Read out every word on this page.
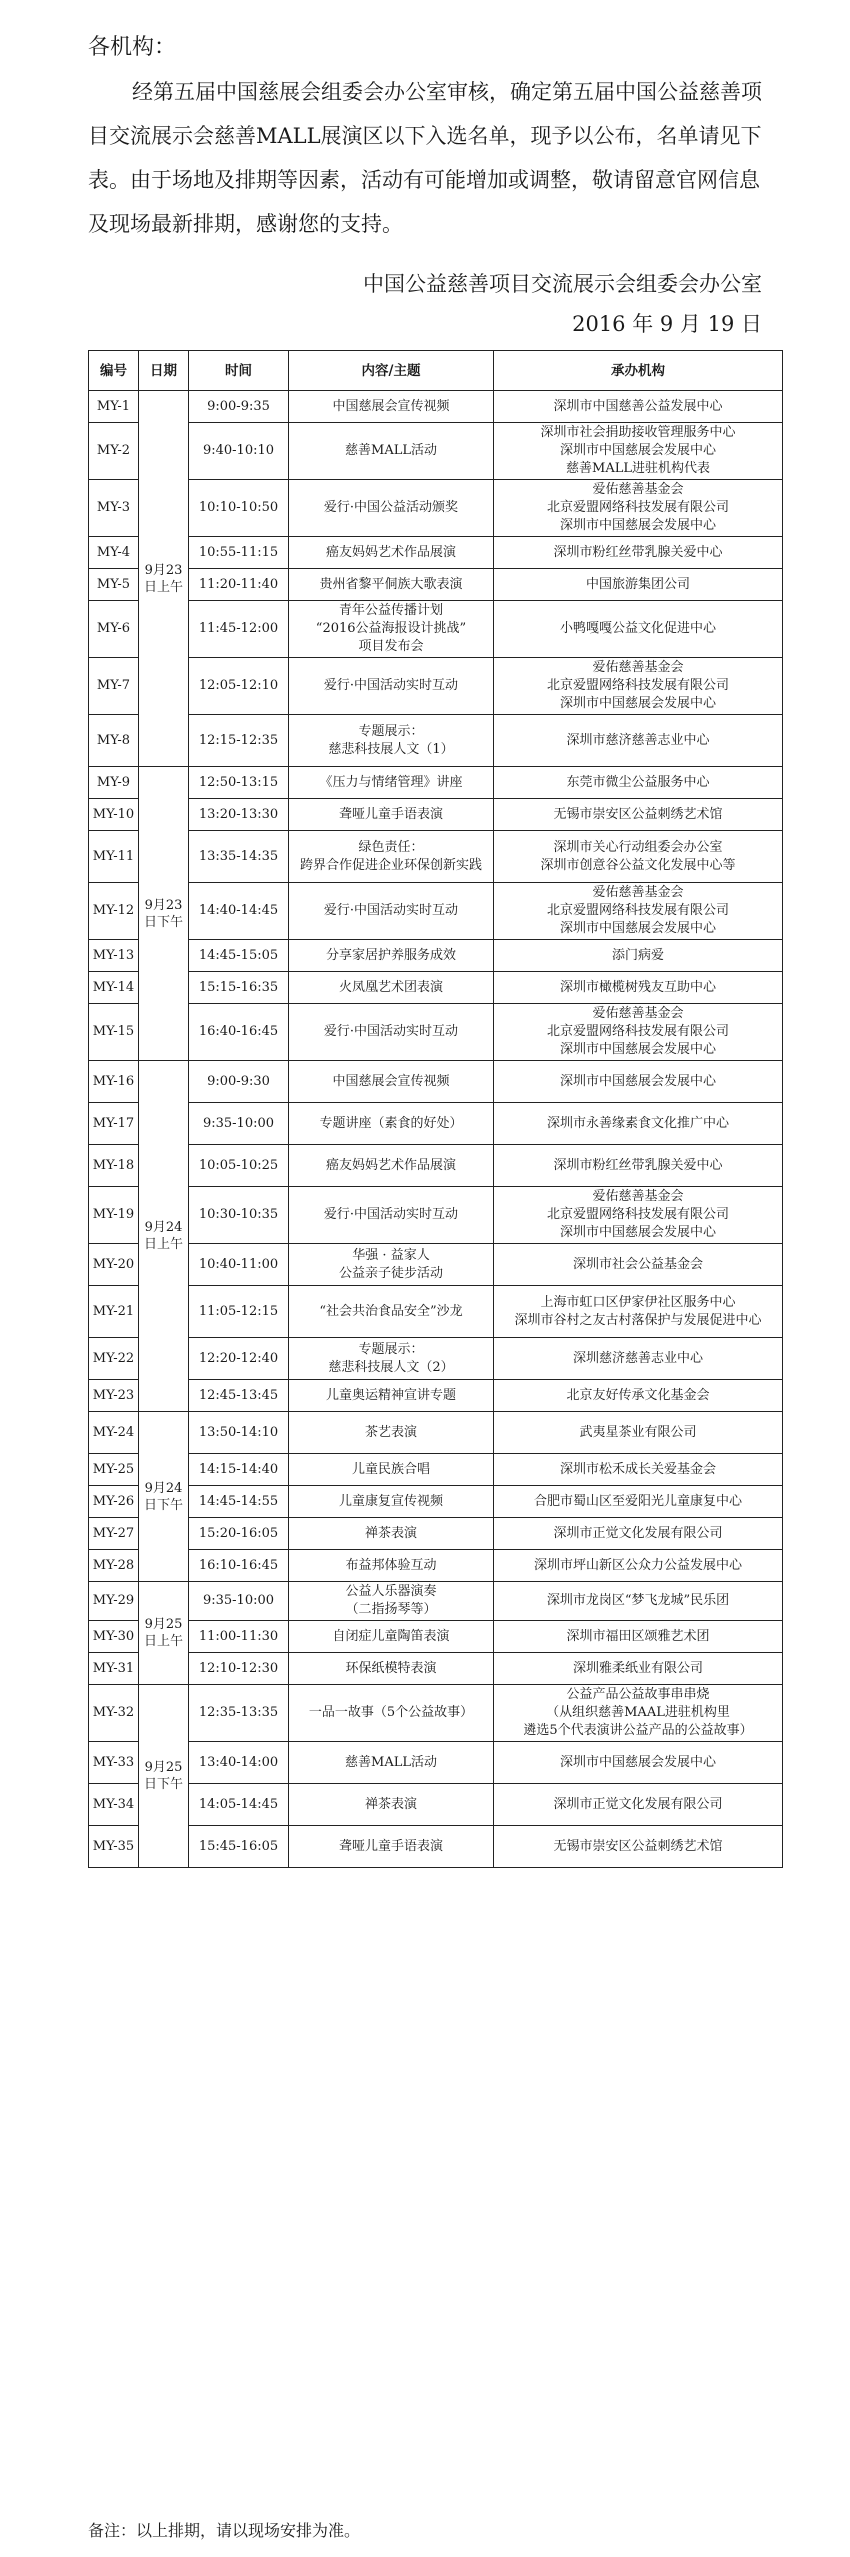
各机构：
经第五届中国慈展会组委会办公室审核，确定第五届中国公益慈善项目交流展示会慈善MALL展演区以下入选名单，现予以公布，名单请见下表。由于场地及排期等因素，活动有可能增加或调整，敬请留意官网信息及现场最新排期，感谢您的支持。
中国公益慈善项目交流展示会组委会办公室
2016 年 9 月 19 日
编号	日期	时间	内容/主题	承办机构
MY-1	9月23日上午	9:00-9:35	中国慈展会宣传视频	深圳市中国慈善公益发展中心
MY-2		9:40-10:10	慈善MALL活动	深圳市社会捐助接收管理服务中心
深圳市中国慈展会发展中心
慈善MALL进驻机构代表
MY-3		10:10-10:50	爱行·中国公益活动颁奖	爱佑慈善基金会
北京爱盟网络科技发展有限公司
深圳市中国慈展会发展中心
MY-4		10:55-11:15	癌友妈妈艺术作品展演	深圳市粉红丝带乳腺关爱中心
MY-5		11:20-11:40	贵州省黎平侗族大歌表演	中国旅游集团公司
MY-6		11:45-12:00	青年公益传播计划
“2016公益海报设计挑战”
项目发布会	小鸭嘎嘎公益文化促进中心
MY-7		12:05-12:10	爱行·中国活动实时互动	爱佑慈善基金会
北京爱盟网络科技发展有限公司
深圳市中国慈展会发展中心
MY-8		12:15-12:35	专题展示：
慈悲科技展人文（1）	深圳市慈济慈善志业中心
MY-9	9月23日下午	12:50-13:15	《压力与情绪管理》讲座	东莞市微尘公益服务中心
MY-10		13:20-13:30	聋哑儿童手语表演	无锡市崇安区公益刺绣艺术馆
MY-11		13:35-14:35	绿色责任：
跨界合作促进企业环保创新实践	深圳市关心行动组委会办公室
深圳市创意谷公益文化发展中心等
MY-12		14:40-14:45	爱行·中国活动实时互动	爱佑慈善基金会
北京爱盟网络科技发展有限公司
深圳市中国慈展会发展中心
MY-13		14:45-15:05	分享家居护养服务成效	添门病爱
MY-14		15:15-16:35	火凤凰艺术团表演	深圳市橄榄树残友互助中心
MY-15		16:40-16:45	爱行·中国活动实时互动	爱佑慈善基金会
北京爱盟网络科技发展有限公司
深圳市中国慈展会发展中心
MY-16	9月24日上午	9:00-9:30	中国慈展会宣传视频	深圳市中国慈展会发展中心
MY-17		9:35-10:00	专题讲座（素食的好处）	深圳市永善缘素食文化推广中心
MY-18		10:05-10:25	癌友妈妈艺术作品展演	深圳市粉红丝带乳腺关爱中心
MY-19		10:30-10:35	爱行·中国活动实时互动	爱佑慈善基金会
北京爱盟网络科技发展有限公司
深圳市中国慈展会发展中心
MY-20		10:40-11:00	华强 · 益家人
公益亲子徒步活动	深圳市社会公益基金会
MY-21		11:05-12:15	“社会共治食品安全”沙龙	上海市虹口区伊家伊社区服务中心
深圳市谷村之友古村落保护与发展促进中心
MY-22		12:20-12:40	专题展示：
慈悲科技展人文（2）	深圳慈济慈善志业中心
MY-23		12:45-13:45	儿童奥运精神宣讲专题	北京友好传承文化基金会
MY-24	9月24日下午	13:50-14:10	茶艺表演	武夷星茶业有限公司
MY-25		14:15-14:40	儿童民族合唱	深圳市松禾成长关爱基金会
MY-26		14:45-14:55	儿童康复宣传视频	合肥市蜀山区至爱阳光儿童康复中心
MY-27		15:20-16:05	禅茶表演	深圳市正觉文化发展有限公司
MY-28		16:10-16:45	布益邦体验互动	深圳市坪山新区公众力公益发展中心
MY-29	9月25日上午	9:35-10:00	公益人乐器演奏
（二指扬琴等）	深圳市龙岗区“梦飞龙城”民乐团
MY-30		11:00-11:30	自闭症儿童陶笛表演	深圳市福田区颂雅艺术团
MY-31		12:10-12:30	环保纸模特表演	深圳雅柔纸业有限公司
MY-32	9月25日下午	12:35-13:35	一品一故事（5个公益故事）	公益产品公益故事串串烧
（从组织慈善MAAL进驻机构里
遴选5个代表演讲公益产品的公益故事）
MY-33		13:40-14:00	慈善MALL活动	深圳市中国慈展会发展中心
MY-34		14:05-14:45	禅茶表演	深圳市正觉文化发展有限公司
MY-35		15:45-16:05	聋哑儿童手语表演	无锡市崇安区公益刺绣艺术馆
备注：以上排期，请以现场安排为准。
